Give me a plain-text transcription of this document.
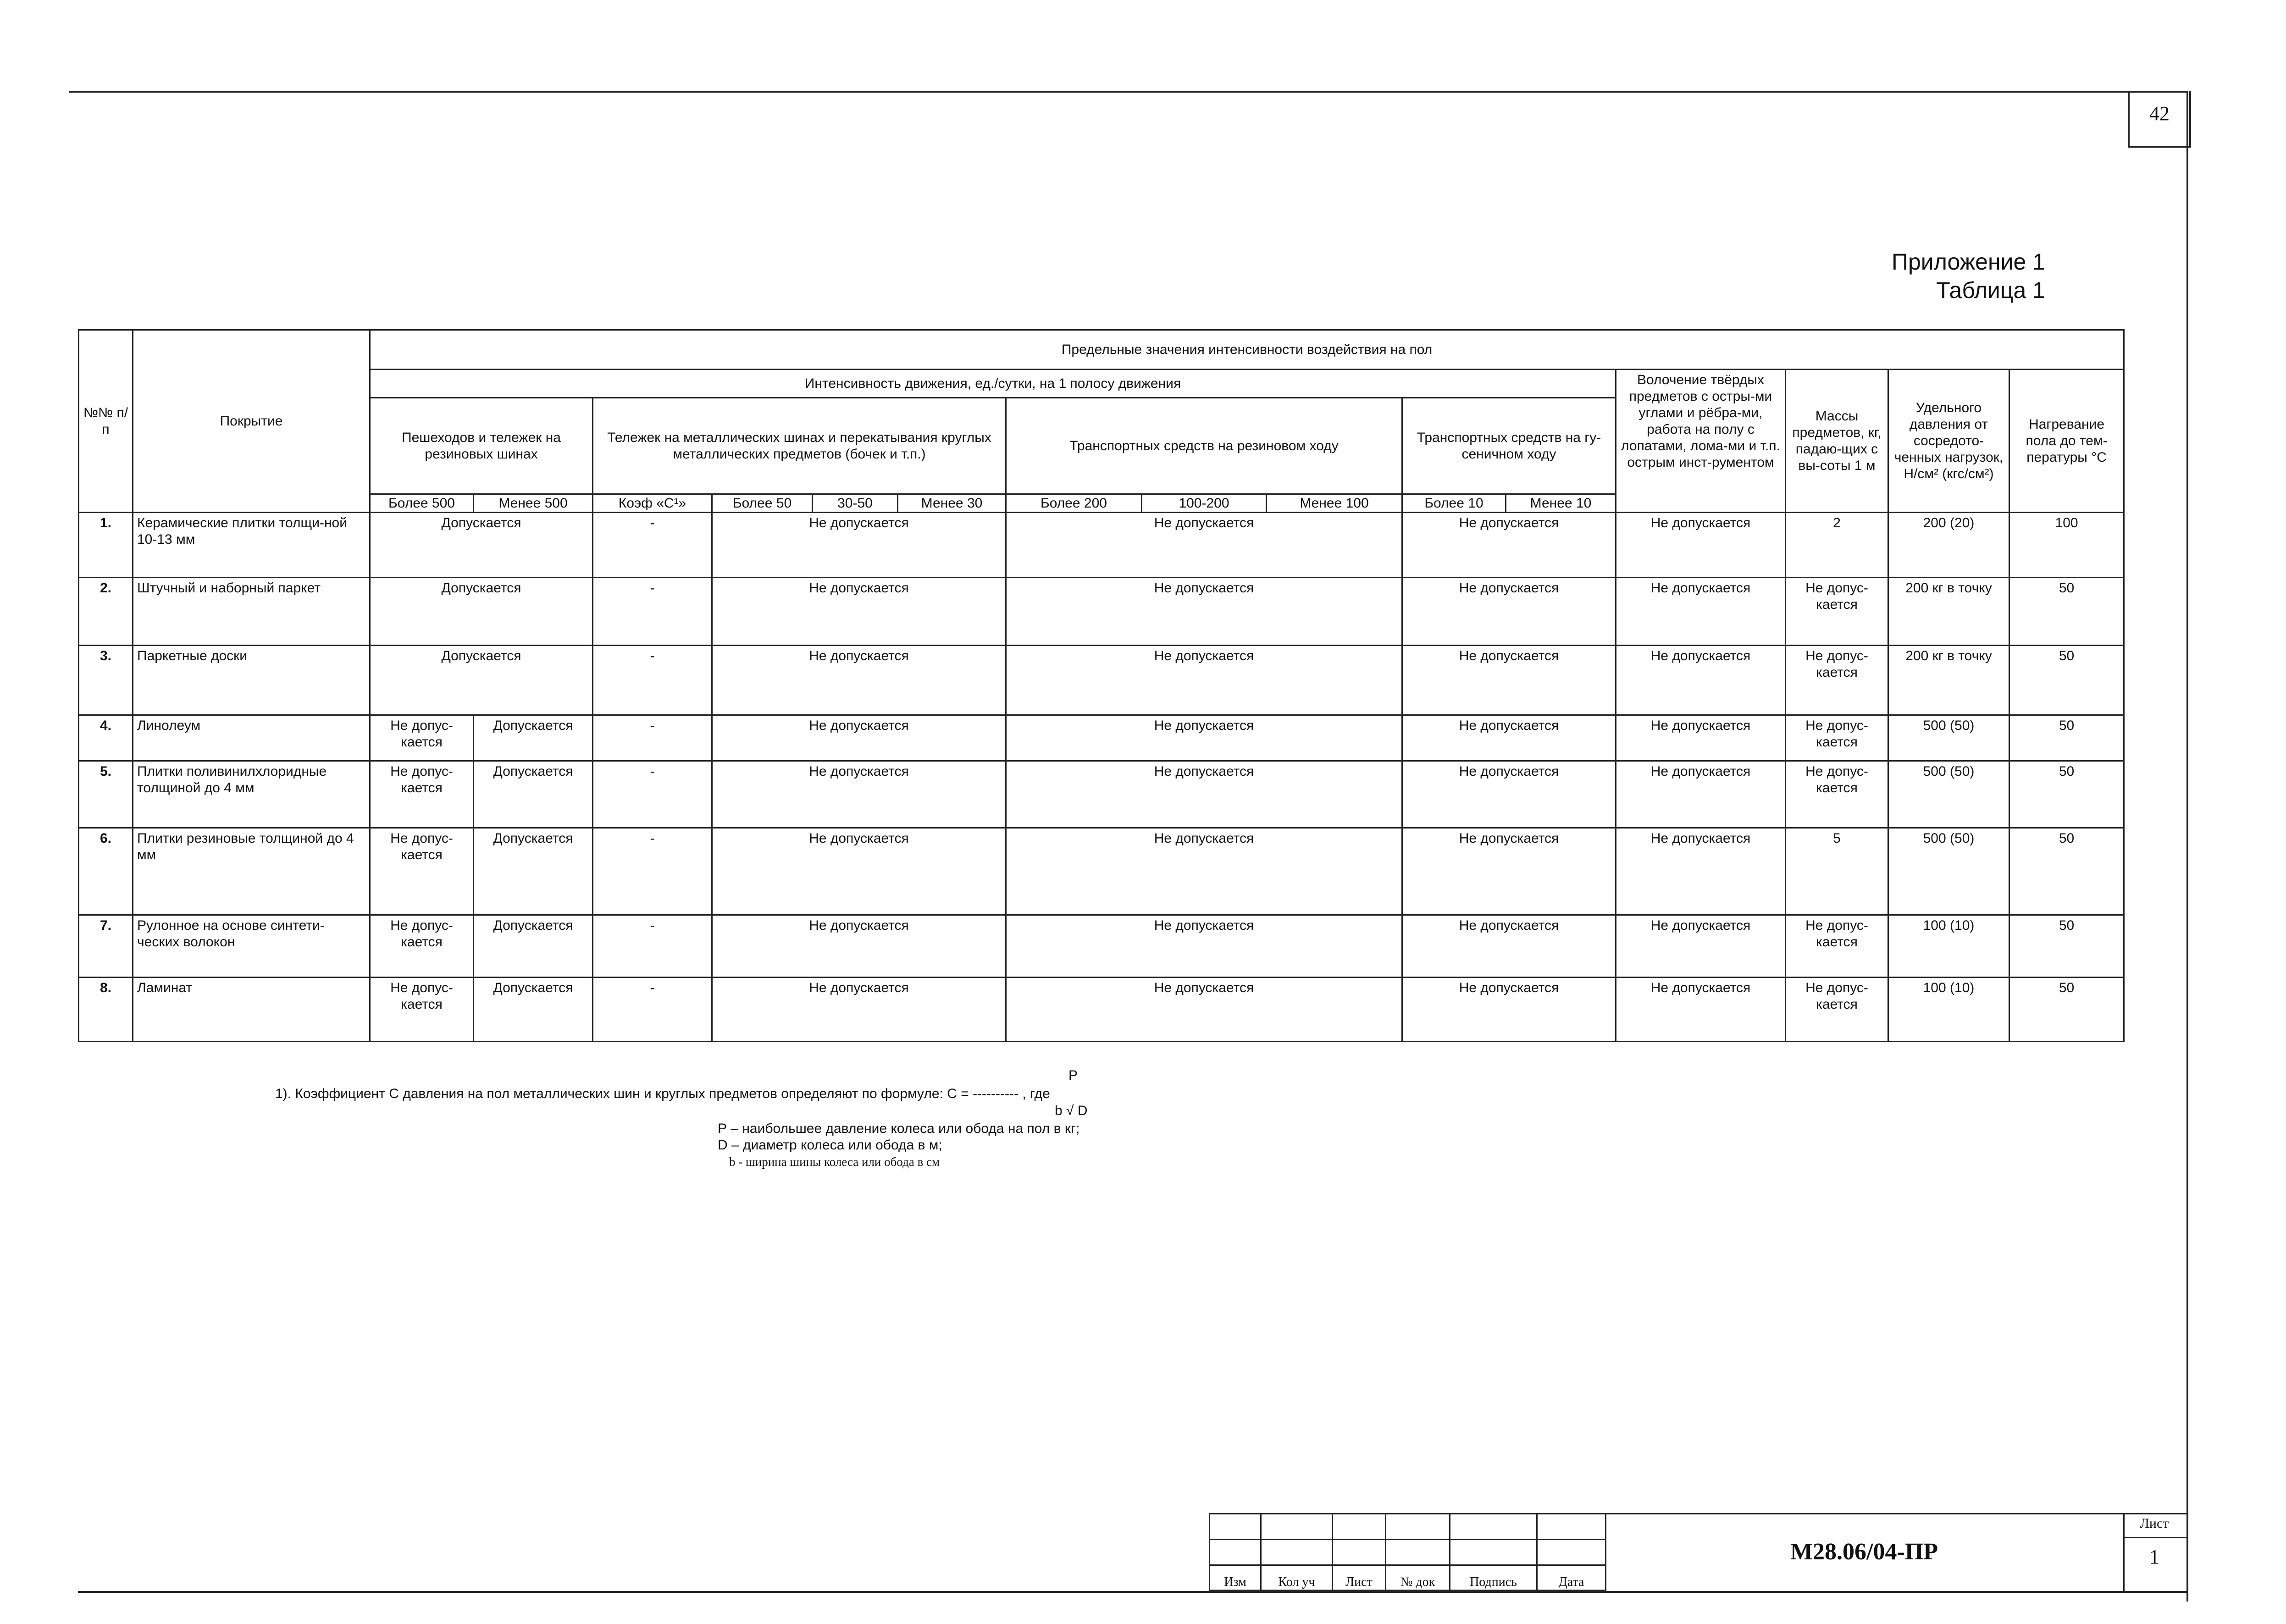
42
Приложение 1
Таблица 1
№№ п/п	Покрытие	Предельные значения интенсивности воздействия на пол														
		Интенсивность движения, ед./сутки, на 1 полосу движения											Волочение твёрдых предметов с остры-ми углами и рёбра-ми, работа на полу с лопатами, лома-ми и т.п. острым инст-рументом	Массы предметов, кг, падаю-щих с вы-соты 1 м	Удельного давления от сосредото-ченных нагрузок, Н/см² (кгс/см²)	Нагревание пола до тем-пературы °C
		Пешеходов и тележек на резиновых шинах		Тележек на металлических шинах и перекатывания круглых металлических предметов (бочек и т.п.)				Транспортных средств на резиновом ходу			Транспортных средств на гу-сеничном ходу					
		Более 500	Менее 500	Коэф «С¹»	Более 50	30-50	Менее 30	Более 200	100-200	Менее 100	Более 10	Менее 10				
1.	Керамические плитки толщи-ной 10-13 мм	Допускается		-	Не допускается			Не допускается			Не допускается		Не допускается	2	200 (20)	100
2.	Штучный и наборный паркет	Допускается		-	Не допускается			Не допускается			Не допускается		Не допускается	Не допус-кается	200 кг в точку	50
3.	Паркетные доски	Допускается		-	Не допускается			Не допускается			Не допускается		Не допускается	Не допус-кается	200 кг в точку	50
4.	Линолеум	Не допус-кается	Допускается	-	Не допускается			Не допускается			Не допускается		Не допускается	Не допус-кается	500 (50)	50
5.	Плитки поливинилхлоридные толщиной до 4 мм	Не допус-кается	Допускается	-	Не допускается			Не допускается			Не допускается		Не допускается	Не допус-кается	500 (50)	50
6.	Плитки резиновые толщиной до 4 мм	Не допус-кается	Допускается	-	Не допускается			Не допускается			Не допускается		Не допускается	5	500 (50)	50
7.	Рулонное на основе синтети-ческих волокон	Не допус-кается	Допускается	-	Не допускается			Не допускается			Не допускается		Не допускается	Не допус-кается	100 (10)	50
8.	Ламинат	Не допус-кается	Допускается	-	Не допускается			Не допускается			Не допускается		Не допускается	Не допус-кается	100 (10)	50
P
1). Коэффициент С давления на пол металлических шин и круглых предметов определяют по формуле: С = ---------- , где
b √ D
Р – наибольшее давление колеса или обода на пол в кг;
D – диаметр колеса или обода в м;
b - ширина шины колеса или обода в см

Изм	Кол уч	Лист	№ док	Подпись	Дата
М28.06/04-ПР
Лист
1
